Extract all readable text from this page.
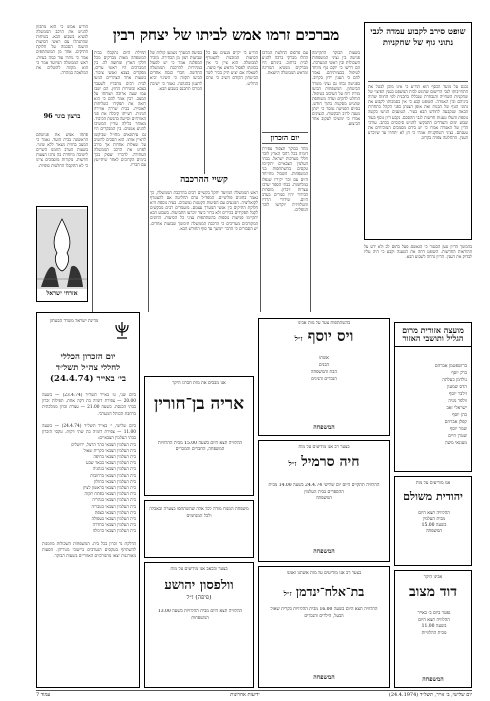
שופט סירב לקבוע עמדה לגבי נתוני גוף של שחקניות
נכנס על מועד הכסף הוא הודיע כי אינו מוכן לבטל את התחייבותו לגבי הרישום שהוגש לבית המשפט בענין הפיצוי של שחקניות השחייה והנבחרת שנכללו בתכנית לפי החוזה שהיה ביניהם ובין האגודה. השופט קבע כי אין בסמכותו לקבוע את נתוני הגוף של הבנות ואת אופן הצגתן בפני הקהל בתחרות הבאה שנקבעה לחודש הבא בעיר. הטוענים הגישו בקשה נוספת והעלו טענות חדשות לגבי ההסכם. נקבע דיון נוסף בעוד שבוע ימים והצדדים התבקשו להגיש סיכומים בכתב. עורכי הדין של האגודה אמרו כי יש בידם מסמכים המוכיחים את טענתם. נציגי השחקניות אמרו כי הן לא יתחרו עד שיוכרע הענין. ההחלטה צפויה בקרוב.
מברכים זרמו אמש לביתו של יצחק רבין
הודיע אמש כי הוא מתכוון להגיש את הרכב הממשלה לנשיא בשבוע הבא. בשיחות שהתנהלו עם ראשי הסיעות הושגה הסכמה על חלוקת התיקים. אחד מן המשתתפים אמר כי נותרו עוד כמה בעיות. ראש הממשלה המיועד אמר כי הוא מקווה להשלים את המלאכה במהרה.
ברצון בוגר 96
פתחו אמש את פגישתם הראשונה בבית הועד. נאמר כי המצב בחזית נשאר ללא שינוי. בשעות הערב הוזמנו השרים לישיבה מיוחדת בה נדונו הצעות חדשות. מקורות מוסמכים ציינו כי לא התקבלו החלטות סופיות.
אזרחי ישראל
תחילת היום נתקבלו בבית המשפחה מאות מברקים מכל חלקי הארץ ומחוצה לה. בין המברכים היו ראשי ערים, מפקדים בצבא ואנשי ציבור. בשעות אחר הצהריים הגיעו לבית רבים מחבריו לשעבר בצבא ובשירות החוץ. הם ישבו עמו שעה ארוכה ושוחחו על המצב. רבין אמר להם כי הוא רואה את תפקידו כשליחות לאומית. בבית שררה אווירה חגיגית. רעייתו קיבלה את פני האורחים וסייעה בהגשת הכיבוד. מאוחר בלילה עדיין המשיכו להגיע אנשים. בין המבקרים היו גם עיתונאים מחו״ל שביקשו לראיין אותו. הוא הסכים להשיב על שאלות אחדות אך סירב לפרט את הרכב הממשלה העתידה. לדבריו יעסוק בכך בימים הקרובים לאחר שיתייעץ עם חבריו.
בסיעת המערך נשמעו קולות של שביעות רצון מן הבחירה. מזכיר המפלגה אמר כי יש לפעול במהירות להרכבת הממשלה החדשה. חברי כנסת אחדים הביעו תקווה כי השינוי יביא לרענון בהנהגה. נאמר כי ישיבת המרכז תתכנס בשבוע הבא.
קשיי ההרכבה
ראש הממשלה המיועד יתקל בקשיים רבים בהרכבת הממשלה, כך נאמר בחוגים פוליטיים. המפד״ל טרם החליטה אם להצטרף לקואליציה. המגעים עם הסיעות הקטנות נמשכים. בעיה נוספת היא חלוקת התיקים בין אנשי המערך עצמם. מועמדים רבים מבקשים לקבל תפקידים בכירים ולא ברור כיצד יוכרעו התביעות. בשבוע הבא יתקיימו פגישות נוספות בהשתתפות נציגי כל הסיעות. החוגים המקורבים מעריכים כי הרכבת הממשלה תימשך שבועות אחדים. יש הסבורים כי הדבר יימשך עד סוף החודש הבא.
הודיע כי יקיים מגעים עם כל הסיעות המוכנות להצטרף לממשלה. הוא ציין כי אין בכוונתו לפסול מראש אף סיעה. לשאלה אם יציע תיק בכיר לשר הביטחון הקודם השיב כי טרם החליט.
עם פרסום החלטת המרכז החלו מברקי ברכה להגיע לבית ברחוב. ביניהם היו מברקים מנשיא המדינה ומראש הממשלה היוצאת.
יום הזכרון
מחר בבוקר תצפור צפירת דומיה בכל רחבי הארץ לזכר חללי מערכות ישראל. בבתי העלמין הצבאיים יתקיימו טקסים בהשתתפות בני המשפחות. השכול מתייחד היום עם זכר יקיריו שנפלו במלחמות. בבתי הספר יערכו עצרות זיכרון. מוסדות הבידור יהיו סגורים בערב היום. שידורי הרדיו והטלוויזיה יוקדשו לזכר הנופלים.
בשעות הבוקר התקיימה פגישה בין נציגי המשפחות השכולות ובין ראשי המערכת. הם דרשו כי יוקם גוף מיוחד לטיפול בבעיותיהם. נאמר להם כי הענין יידון בקרוב. בפגישה נכחו גם נציגי משרד הביטחון. המשפחות הביעו מורת רוח על העיכוב בטיפול. הוחלט להקים ועדה משותפת שתגיש מסקנות בתוך חודש. בסיום הפגישה נמסר כי יינתן מענה לרוב הבקשות. הנציגים אמרו כי ימשיכו לעקוב אחר הביצוע.
בהמשך הדיון טען הסנגור כי הנאשם פעל בתום לב ולא ידע על ההוראות החדשות. השופט דחה את הטענה וקבע כי היה עליו לבדוק את הענין. הדיון נדחה לשבוע הבא.
מועצה אזורית מרום הגליל ותושבי האזור
ברזשפטמן אברהם
ברק יוסף
גולדמן בעלתה
הדס שמעון
זילבר יוסף
וולפר מניה
ישראלי זאב
כהן יוסף
קפלן אברהם
שמר יוסף
שטרן חיים
מעונאי משה
מדינת ישראל משרד הבטחון
יום הזכרון הכללי
לחללי צה״ל תשל״ד
בי׳ באייר (24.4.74)
ביום שני, ט׳ באייר תשל״ד (23.4.74) — בשעה 20.00 — צפירת דומיה בת דקה אחת. תפילות זכרון בבתי הכנסת. בשעה 21.00 — עצרת זכרון ממלכתית ברחבת הכותל המערבי.

ביום שלישי, י׳ באייר תשל״ד (24.4.74) — בשעה 11.00 — צפירת דומיה בת שתי דקות. טקסי הזכרון בבתי העלמין הצבאיים:
בית העלמין הצבאי בהר הרצל, ירושלים
בית העלמין הצבאי בקרית שאול
בית העלמין הצבאי בחיפה
בית העלמין הצבאי בבאר שבע
בית העלמין הצבאי בנתניה
בית העלמין הצבאי ברחובות
בית העלמין הצבאי בחולון
בית העלמין הצבאי בראשון לציון
בית העלמין הצבאי בפתח תקוה
בית העלמין הצבאי בנהריה
בית העלמין הצבאי בטבריה
בית העלמין הצבאי בצפת
בית העלמין הצבאי בעפולה
בית העלמין הצבאי בחדרה
בית העלמין הצבאי ברמלה

הדלקת נר זכרון בכל בית. המשפחות השכולות מוזמנות להשתתף בטקסים הנערכים ביישובי מגוריהן. הסעות מאורגנות יצאו מהמרכזים האזוריים בשעות הבוקר.
בהשתתפות צער על מות אבינו
ויס יוסף ז״ל
אשתו
הבנים
הבת והמשפחה
הנכדים והנינים
המשפחה
אנו מבכים את מות חברנו היקר
אריה בן־חורין
ההלוויה תצא היום בשעה 15.00 מבית ההלוויות
המשפחה, החברים והמכרים	בצער רב אנו מודיעים על מות
חיה סרמיל ז״ל
ההלוויה תתקיים היום יום שלישי 24.4.74 בשעה 14.00 מבית ההספדים בבית העלמין
המשפחה
המשפחה
בצער ובכאב אנו מודיעים על מות
וולפסון יהושע
(פיפה) ז״ל
ההלוויה תצא היום מבית ההלוויות בשעה 13.00
המשפחות
בצער רב אנו מודיעים על מות אשתנו ואמנו
בת־אלח־ינדמן ז״ל
ההלוויה תצא היום בשעה 16.00 מבית ההלוויות בקרית שאול
הבעל, הילדים והנכדים
המשפחה
אנו מודיעים על מות
יהודית משולם
ההלוויה תצא היום
מבית העלמין
בשעה 15.00
המשפחה
אבינו היקר
דוד מצוב
נפטר ביום ב׳ באייר
ההלוויה תצא היום
בשעה 11.00
מבית ההלוויות
המשפחה
משפחת המנוח מודה לכל אלה שהשתתפו בצערה ובאבלה ולכל המנחמים
עמוד 7	ידיעות אחרונות	יום שלישי, ב׳ אייר, תשל״ד (24.4.1974)
